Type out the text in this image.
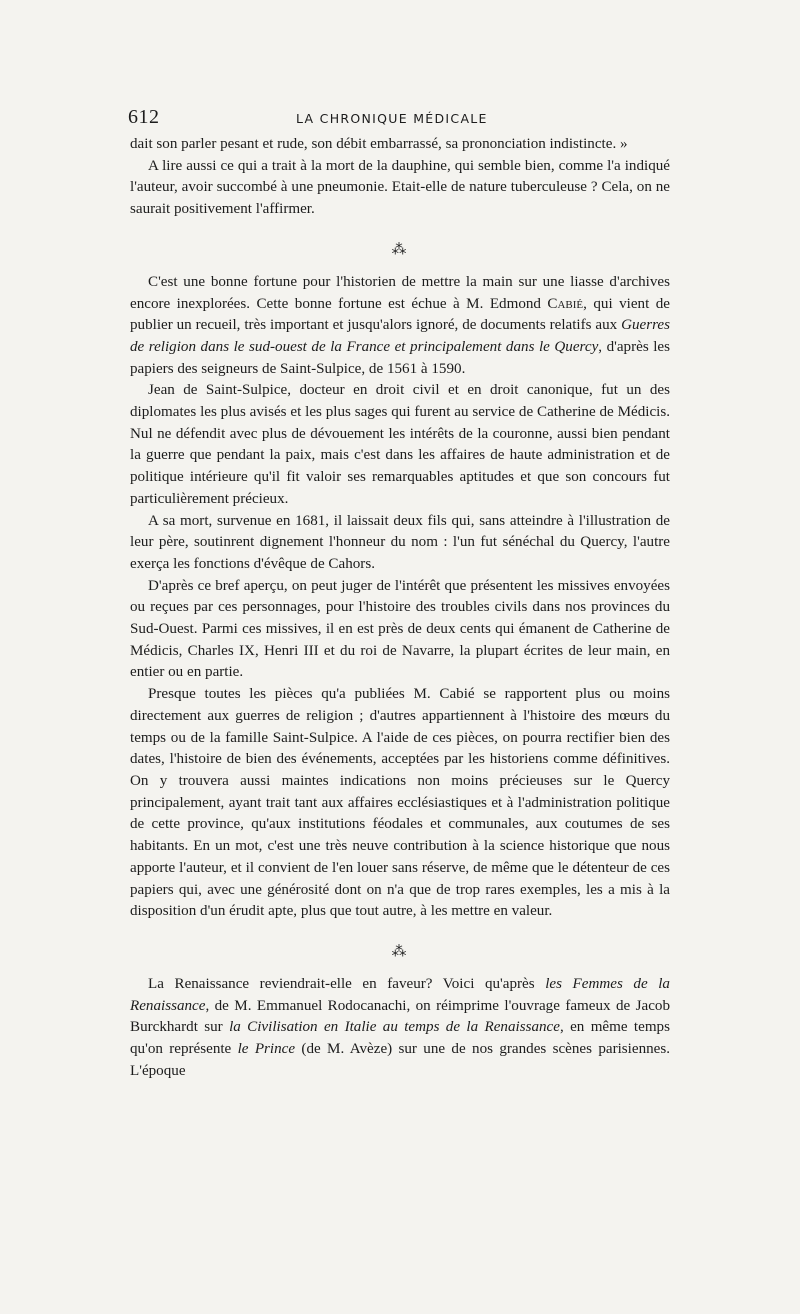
612	LA CHRONIQUE MÉDICALE

dait son parler pesant et rude, son débit embarrassé, sa prononciation indistincte. »

A lire aussi ce qui a trait à la mort de la dauphine, qui semble bien, comme l'a indiqué l'auteur, avoir succombé à une pneumonie. Etait-elle de nature tuberculeuse ? Cela, on ne saurait positivement l'affirmer.

⁂

C'est une bonne fortune pour l'historien de mettre la main sur une liasse d'archives encore inexplorées. Cette bonne fortune est échue à M. Edmond Cabié, qui vient de publier un recueil, très important et jusqu'alors ignoré, de documents relatifs aux Guerres de religion dans le sud-ouest de la France et principalement dans le Quercy, d'après les papiers des seigneurs de Saint-Sulpice, de 1561 à 1590.

Jean de Saint-Sulpice, docteur en droit civil et en droit canonique, fut un des diplomates les plus avisés et les plus sages qui furent au service de Catherine de Médicis. Nul ne défendit avec plus de dévouement les intérêts de la couronne, aussi bien pendant la guerre que pendant la paix, mais c'est dans les affaires de haute administration et de politique intérieure qu'il fit valoir ses remarquables aptitudes et que son concours fut particulièrement précieux.

A sa mort, survenue en 1681, il laissait deux fils qui, sans atteindre à l'illustration de leur père, soutinrent dignement l'honneur du nom : l'un fut sénéchal du Quercy, l'autre exerça les fonctions d'évêque de Cahors.

D'après ce bref aperçu, on peut juger de l'intérêt que présentent les missives envoyées ou reçues par ces personnages, pour l'histoire des troubles civils dans nos provinces du Sud-Ouest. Parmi ces missives, il en est près de deux cents qui émanent de Catherine de Médicis, Charles IX, Henri III et du roi de Navarre, la plupart écrites de leur main, en entier ou en partie.

Presque toutes les pièces qu'a publiées M. Cabié se rapportent plus ou moins directement aux guerres de religion ; d'autres appartiennent à l'histoire des mœurs du temps ou de la famille Saint-Sulpice. A l'aide de ces pièces, on pourra rectifier bien des dates, l'histoire de bien des événements, acceptées par les historiens comme définitives. On y trouvera aussi maintes indications non moins précieuses sur le Quercy principalement, ayant trait tant aux affaires ecclésiastiques et à l'administration politique de cette province, qu'aux institutions féodales et communales, aux coutumes de ses habitants. En un mot, c'est une très neuve contribution à la science historique que nous apporte l'auteur, et il convient de l'en louer sans réserve, de même que le détenteur de ces papiers qui, avec une générosité dont on n'a que de trop rares exemples, les a mis à la disposition d'un érudit apte, plus que tout autre, à les mettre en valeur.

⁂

La Renaissance reviendrait-elle en faveur? Voici qu'après les Femmes de la Renaissance, de M. Emmanuel Rodocanachi, on réimprime l'ouvrage fameux de Jacob Burckhardt sur la Civilisation en Italie au temps de la Renaissance, en même temps qu'on représente le Prince (de M. Avèze) sur une de nos grandes scènes parisiennes. L'époque
